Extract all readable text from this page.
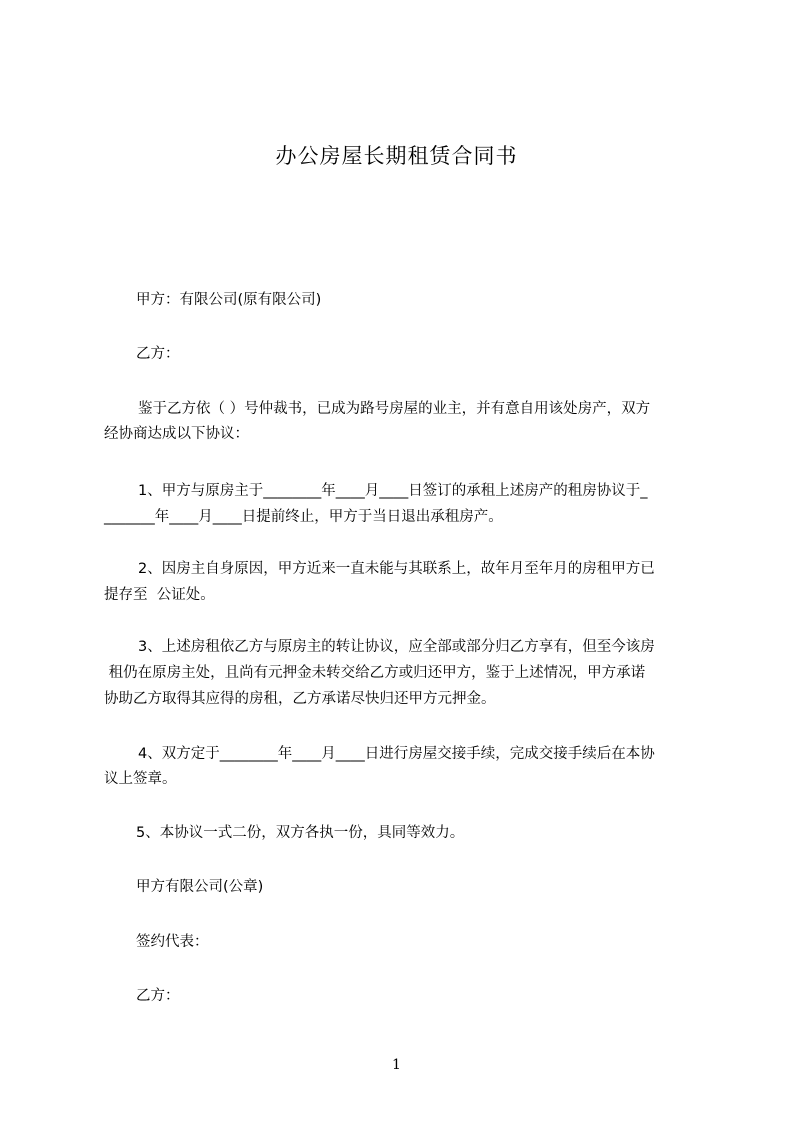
办公房屋长期租赁合同书
甲方：有限公司(原有限公司)
乙方：
鉴于乙方依（ ）号仲裁书，已成为路号房屋的业主，并有意自用该处房产，双方
经协商达成以下协议：
1、甲方与原房主于________年____月____日签订的承租上述房产的租房协议于_
_______年____月____日提前终止，甲方于当日退出承租房产。
2、因房主自身原因，甲方近来一直未能与其联系上，故年月至年月的房租甲方已
提存至  公证处。
3、上述房租依乙方与原房主的转让协议，应全部或部分归乙方享有，但至今该房
租仍在原房主处，且尚有元押金未转交给乙方或归还甲方，鉴于上述情况，甲方承诺
协助乙方取得其应得的房租，乙方承诺尽快归还甲方元押金。
4、双方定于________年____月____日进行房屋交接手续，完成交接手续后在本协
议上签章。
5、本协议一式二份，双方各执一份，具同等效力。
甲方有限公司(公章)
签约代表：
乙方：
1
